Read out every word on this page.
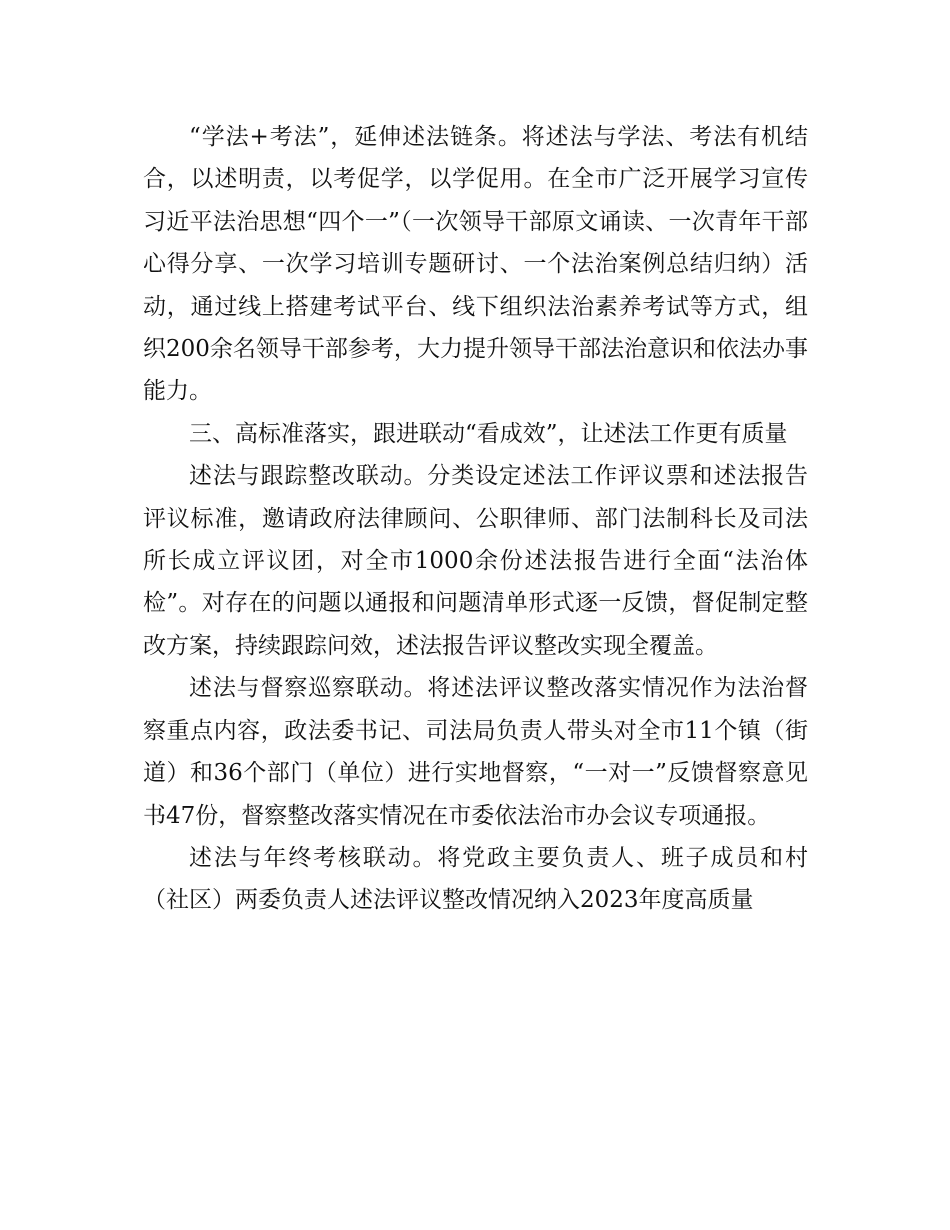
“学法+考法”，延伸述法链条。将述法与学法、考法有机结合，以述明责，以考促学，以学促用。在全市广泛开展学习宣传习近平法治思想“四个一”（一次领导干部原文诵读、一次青年干部心得分享、一次学习培训专题研讨、一个法治案例总结归纳）活动，通过线上搭建考试平台、线下组织法治素养考试等方式，组织200余名领导干部参考，大力提升领导干部法治意识和依法办事能力。

三、高标准落实，跟进联动“看成效”，让述法工作更有质量

述法与跟踪整改联动。分类设定述法工作评议票和述法报告评议标准，邀请政府法律顾问、公职律师、部门法制科长及司法所长成立评议团，对全市1000余份述法报告进行全面“法治体检”。对存在的问题以通报和问题清单形式逐一反馈，督促制定整改方案，持续跟踪问效，述法报告评议整改实现全覆盖。

述法与督察巡察联动。将述法评议整改落实情况作为法治督察重点内容，政法委书记、司法局负责人带头对全市11个镇（街道）和36个部门（单位）进行实地督察，“一对一”反馈督察意见书47份，督察整改落实情况在市委依法治市办会议专项通报。

述法与年终考核联动。将党政主要负责人、班子成员和村（社区）两委负责人述法评议整改情况纳入2023年度高质量
